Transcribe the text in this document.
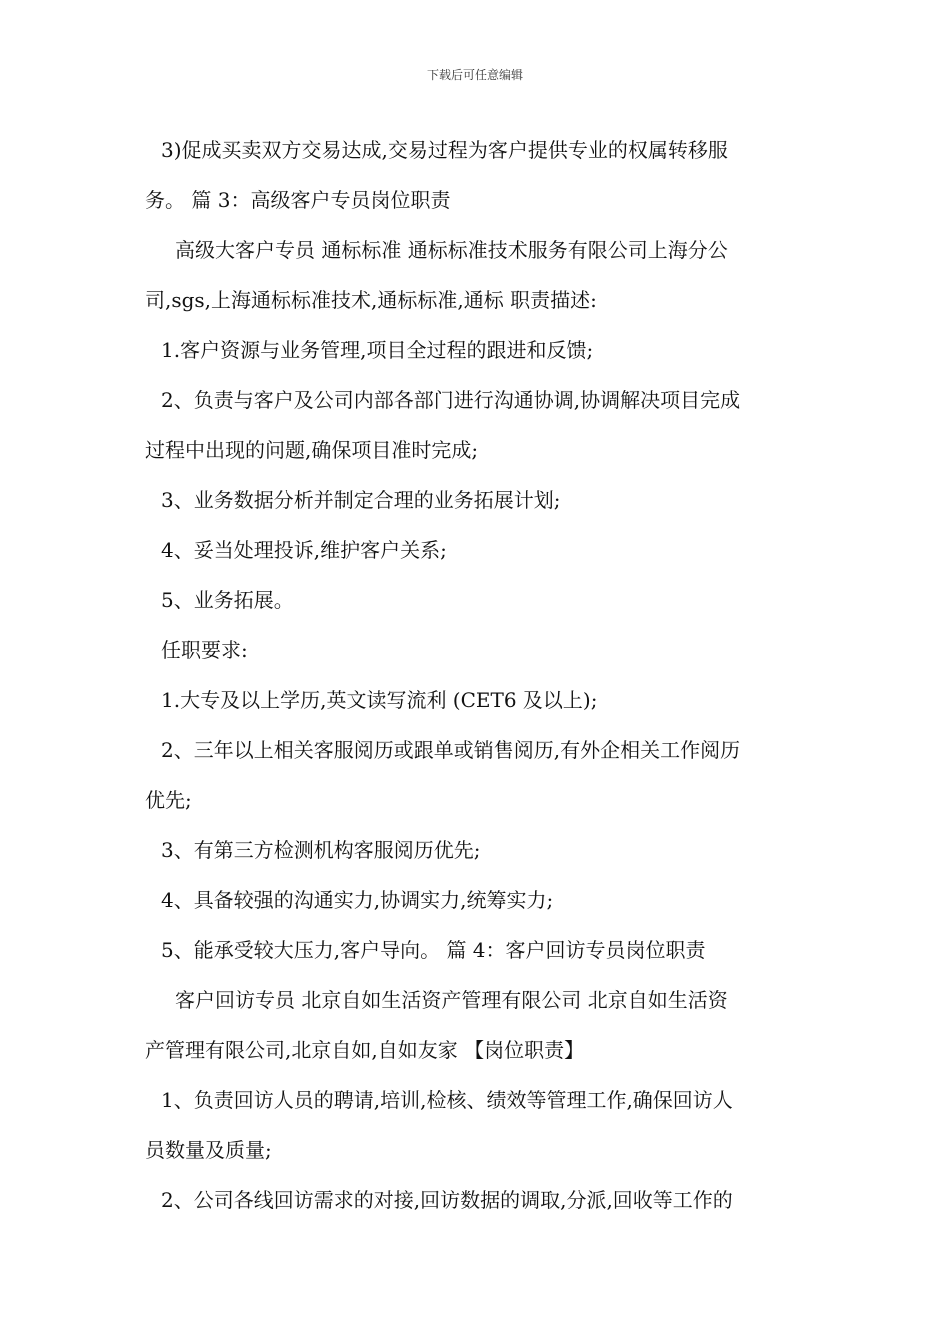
下载后可任意编辑
3)促成买卖双方交易达成,交易过程为客户提供专业的权属转移服
务。 篇 3：高级客户专员岗位职责
高级大客户专员 通标标准 通标标准技术服务有限公司上海分公
司,sgs,上海通标标准技术,通标标准,通标 职责描述:
1.客户资源与业务管理,项目全过程的跟进和反馈;
2、负责与客户及公司内部各部门进行沟通协调,协调解决项目完成
过程中出现的问题,确保项目准时完成;
3、业务数据分析并制定合理的业务拓展计划;
4、妥当处理投诉,维护客户关系;
5、业务拓展。
任职要求:
1.大专及以上学历,英文读写流利 (CET6 及以上);
2、三年以上相关客服阅历或跟单或销售阅历,有外企相关工作阅历
优先;
3、有第三方检测机构客服阅历优先;
4、具备较强的沟通实力,协调实力,统筹实力;
5、能承受较大压力,客户导向。 篇 4：客户回访专员岗位职责
客户回访专员 北京自如生活资产管理有限公司 北京自如生活资
产管理有限公司,北京自如,自如友家 【岗位职责】
1、负责回访人员的聘请,培训,检核、绩效等管理工作,确保回访人
员数量及质量;
2、公司各线回访需求的对接,回访数据的调取,分派,回收等工作的
